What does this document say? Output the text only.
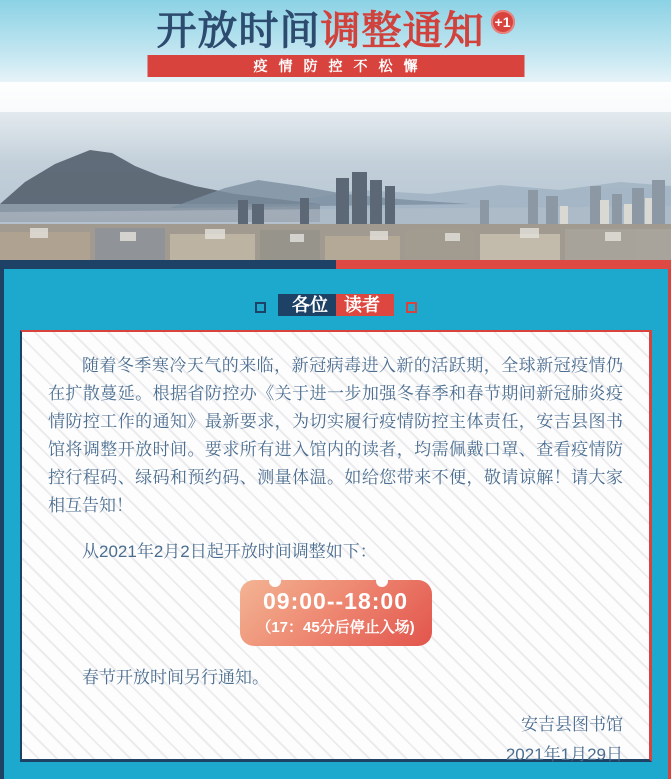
开放时间调整通知 +1
疫情防控不松懈
各位 读者

随着冬季寒冷天气的来临，新冠病毒进入新的活跃期，全球新冠疫情仍在扩散蔓延。根据省防控办《关于进一步加强冬春季和春节期间新冠肺炎疫情防控工作的通知》最新要求，为切实履行疫情防控主体责任，安吉县图书馆将调整开放时间。要求所有进入馆内的读者，均需佩戴口罩、查看疫情防控行程码、绿码和预约码、测量体温。如给您带来不便，敬请谅解！请大家相互告知！

从2021年2月2日起开放时间调整如下：

09:00--18:00
（17：45分后停止入场)

春节开放时间另行通知。

安吉县图书馆
2021年1月29日
